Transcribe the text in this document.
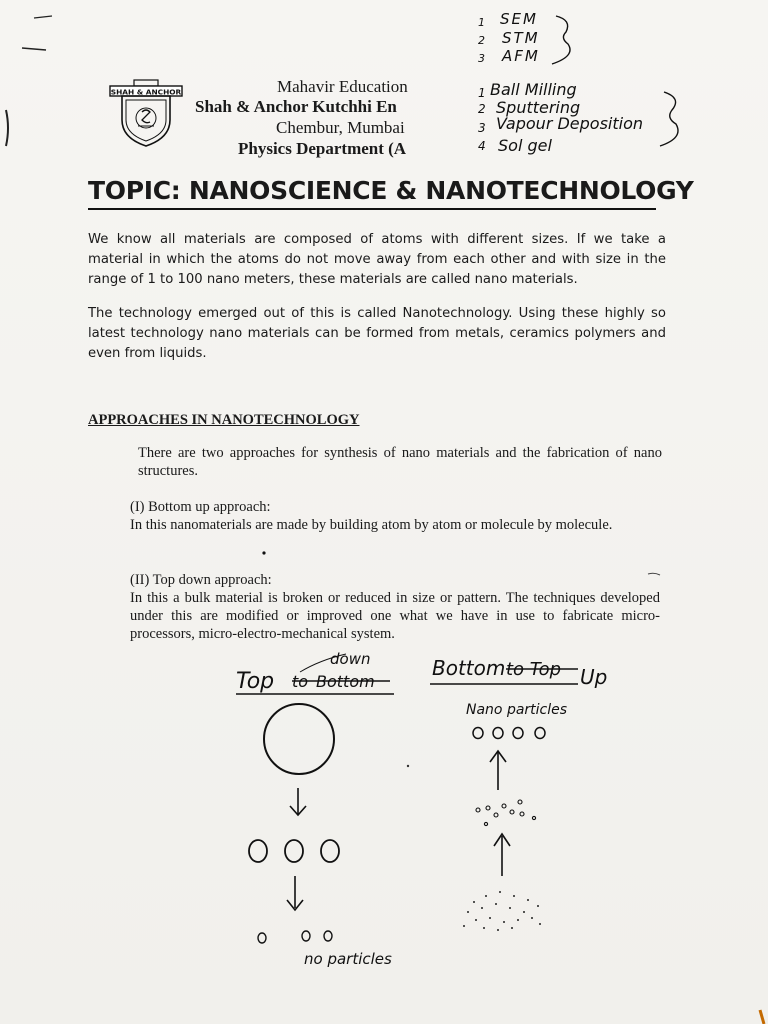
1 SEM
2 STM
3 AFM
1 Ball Milling
2 Sputtering
3 Vapour Deposition
4 Sol gel
SHAH & ANCHOR	Mahavir Education
Shah & Anchor Kutchhi En
Chembur, Mumbai
Physics Department (A
TOPIC: NANOSCIENCE & NANOTECHNOLOGY
We know all materials are composed of atoms with different sizes. If we take a material in which the atoms do not move away from each other and with size in the range of 1 to 100 nano meters, these materials are called nano materials.
The technology emerged out of this is called Nanotechnology. Using these highly so latest technology nano materials can be formed from metals, ceramics polymers and even from liquids.
APPROACHES IN NANOTECHNOLOGY
There are two approaches for synthesis of nano materials and the fabrication of nano structures.
(I) Bottom up approach:
In this nanomaterials are made by building atom by atom or molecule by molecule.
(II) Top down approach:
In this a bulk material is broken or reduced in size or pattern. The techniques developed under this are modified or improved one what we have in use to fabricate micro-processors, micro-electro-mechanical system.
Top to Bottom
down	Bottom to Top Up
no particles
Nano particles
